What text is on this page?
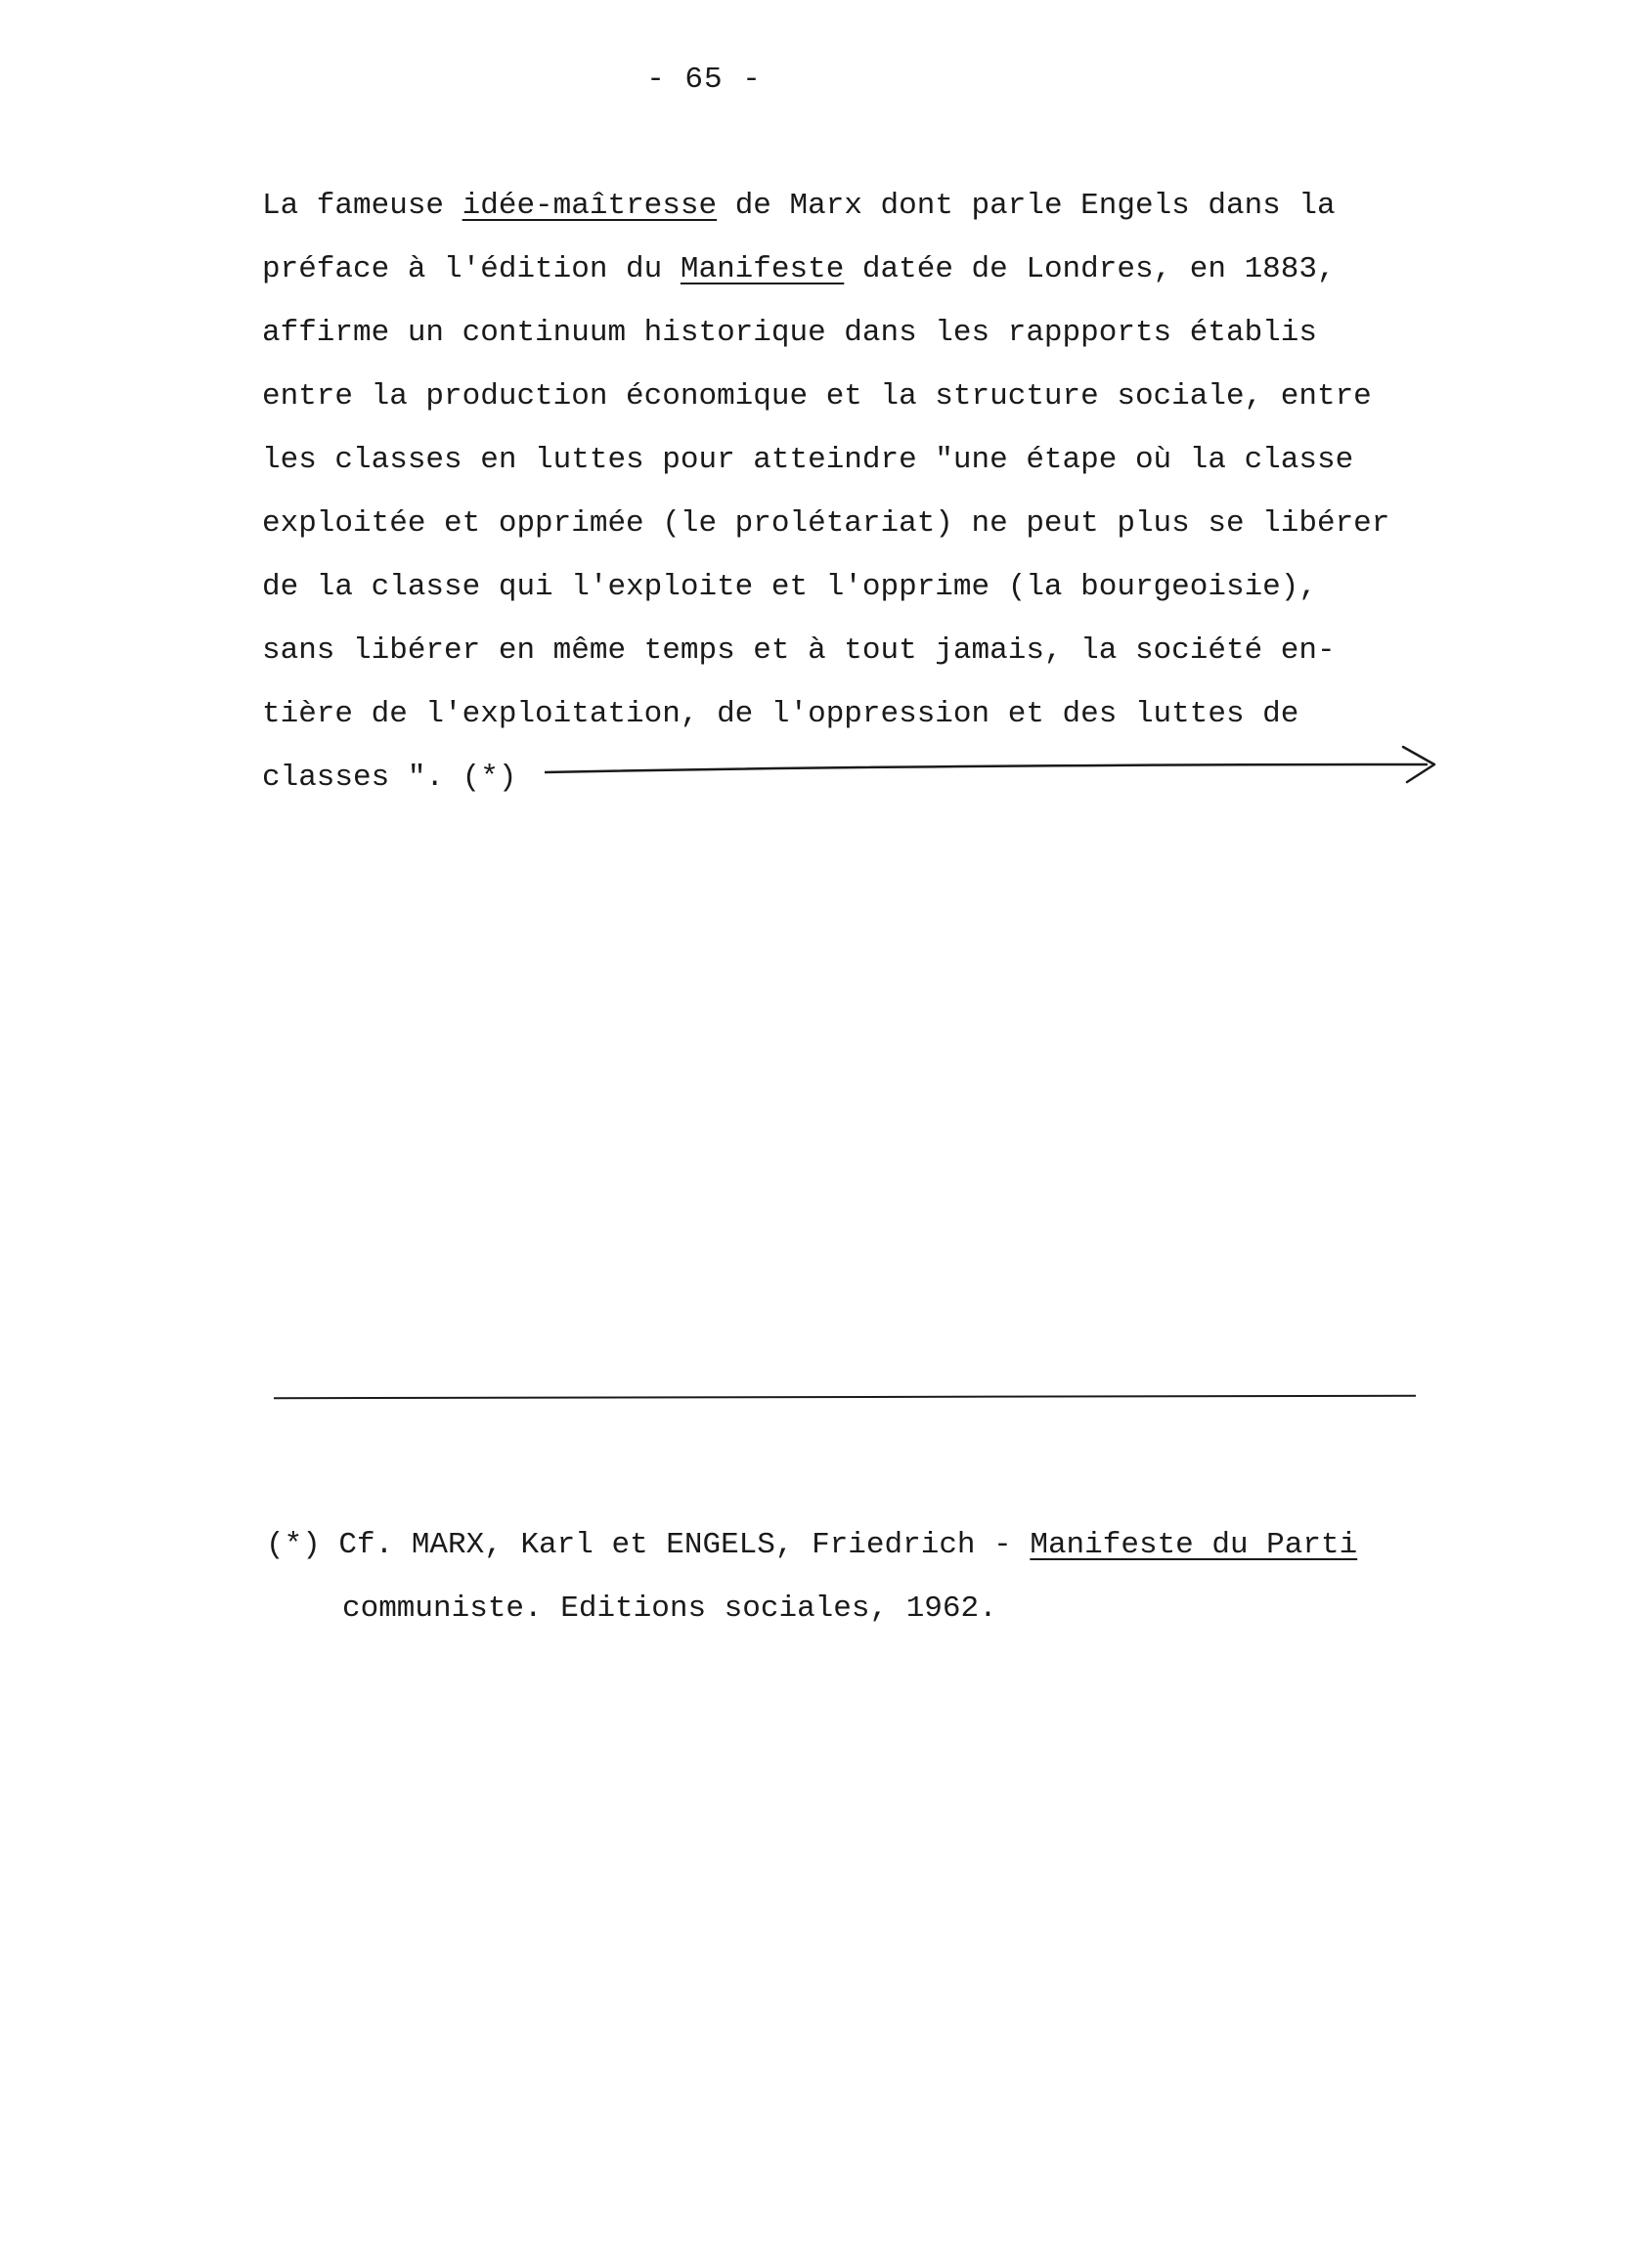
- 65 -
La fameuse idée-maîtresse de Marx dont parle Engels dans la
préface à l'édition du Manifeste datée de Londres, en 1883,
affirme un continuum historique dans les rappports établis
entre la production économique et la structure sociale, entre
les classes en luttes pour atteindre "une étape où la classe
exploitée et opprimée (le prolétariat) ne peut plus se libérer
de la classe qui l'exploite et l'opprime (la bourgeoisie),
sans libérer en même temps et à tout jamais, la société en-
tière de l'exploitation, de l'oppression et des luttes de
classes ". (*)
(*) Cf. MARX, Karl et ENGELS, Friedrich - Manifeste du Parti
communiste. Editions sociales, 1962.
